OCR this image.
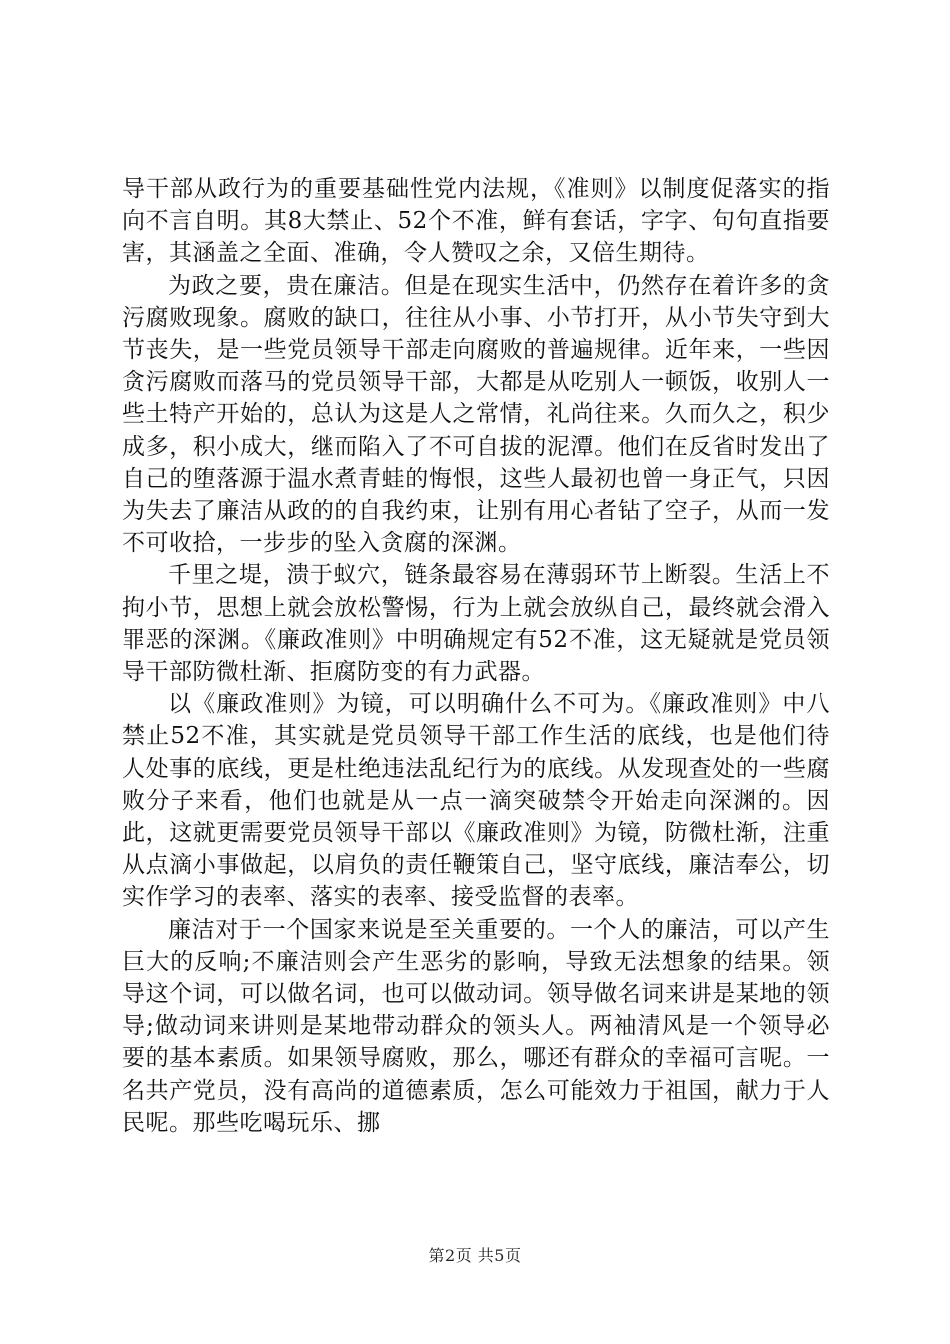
导干部从政行为的重要基础性党内法规，《准则》以制度促落实的指向不言自明。其8大禁止、52个不准，鲜有套话，字字、句句直指要害，其涵盖之全面、准确，令人赞叹之余，又倍生期待。

为政之要，贵在廉洁。但是在现实生活中，仍然存在着许多的贪污腐败现象。腐败的缺口，往往从小事、小节打开，从小节失守到大节丧失，是一些党员领导干部走向腐败的普遍规律。近年来，一些因贪污腐败而落马的党员领导干部，大都是从吃别人一顿饭，收别人一些土特产开始的，总认为这是人之常情，礼尚往来。久而久之，积少成多，积小成大，继而陷入了不可自拔的泥潭。他们在反省时发出了自己的堕落源于温水煮青蛙的悔恨，这些人最初也曾一身正气，只因为失去了廉洁从政的的自我约束，让别有用心者钻了空子，从而一发不可收拾，一步步的坠入贪腐的深渊。

千里之堤，溃于蚁穴，链条最容易在薄弱环节上断裂。生活上不拘小节，思想上就会放松警惕，行为上就会放纵自己，最终就会滑入罪恶的深渊。《廉政准则》中明确规定有52不准，这无疑就是党员领导干部防微杜渐、拒腐防变的有力武器。

以《廉政准则》为镜，可以明确什么不可为。《廉政准则》中八禁止52不准，其实就是党员领导干部工作生活的底线，也是他们待人处事的底线，更是杜绝违法乱纪行为的底线。从发现查处的一些腐败分子来看，他们也就是从一点一滴突破禁令开始走向深渊的。因此，这就更需要党员领导干部以《廉政准则》为镜，防微杜渐，注重从点滴小事做起，以肩负的责任鞭策自己，坚守底线，廉洁奉公，切实作学习的表率、落实的表率、接受监督的表率。

廉洁对于一个国家来说是至关重要的。一个人的廉洁，可以产生巨大的反响;不廉洁则会产生恶劣的影响，导致无法想象的结果。领导这个词，可以做名词，也可以做动词。领导做名词来讲是某地的领导;做动词来讲则是某地带动群众的领头人。两袖清风是一个领导必要的基本素质。如果领导腐败，那么，哪还有群众的幸福可言呢。一名共产党员，没有高尚的道德素质，怎么可能效力于祖国，献力于人民呢。那些吃喝玩乐、挪

第2页 共5页
